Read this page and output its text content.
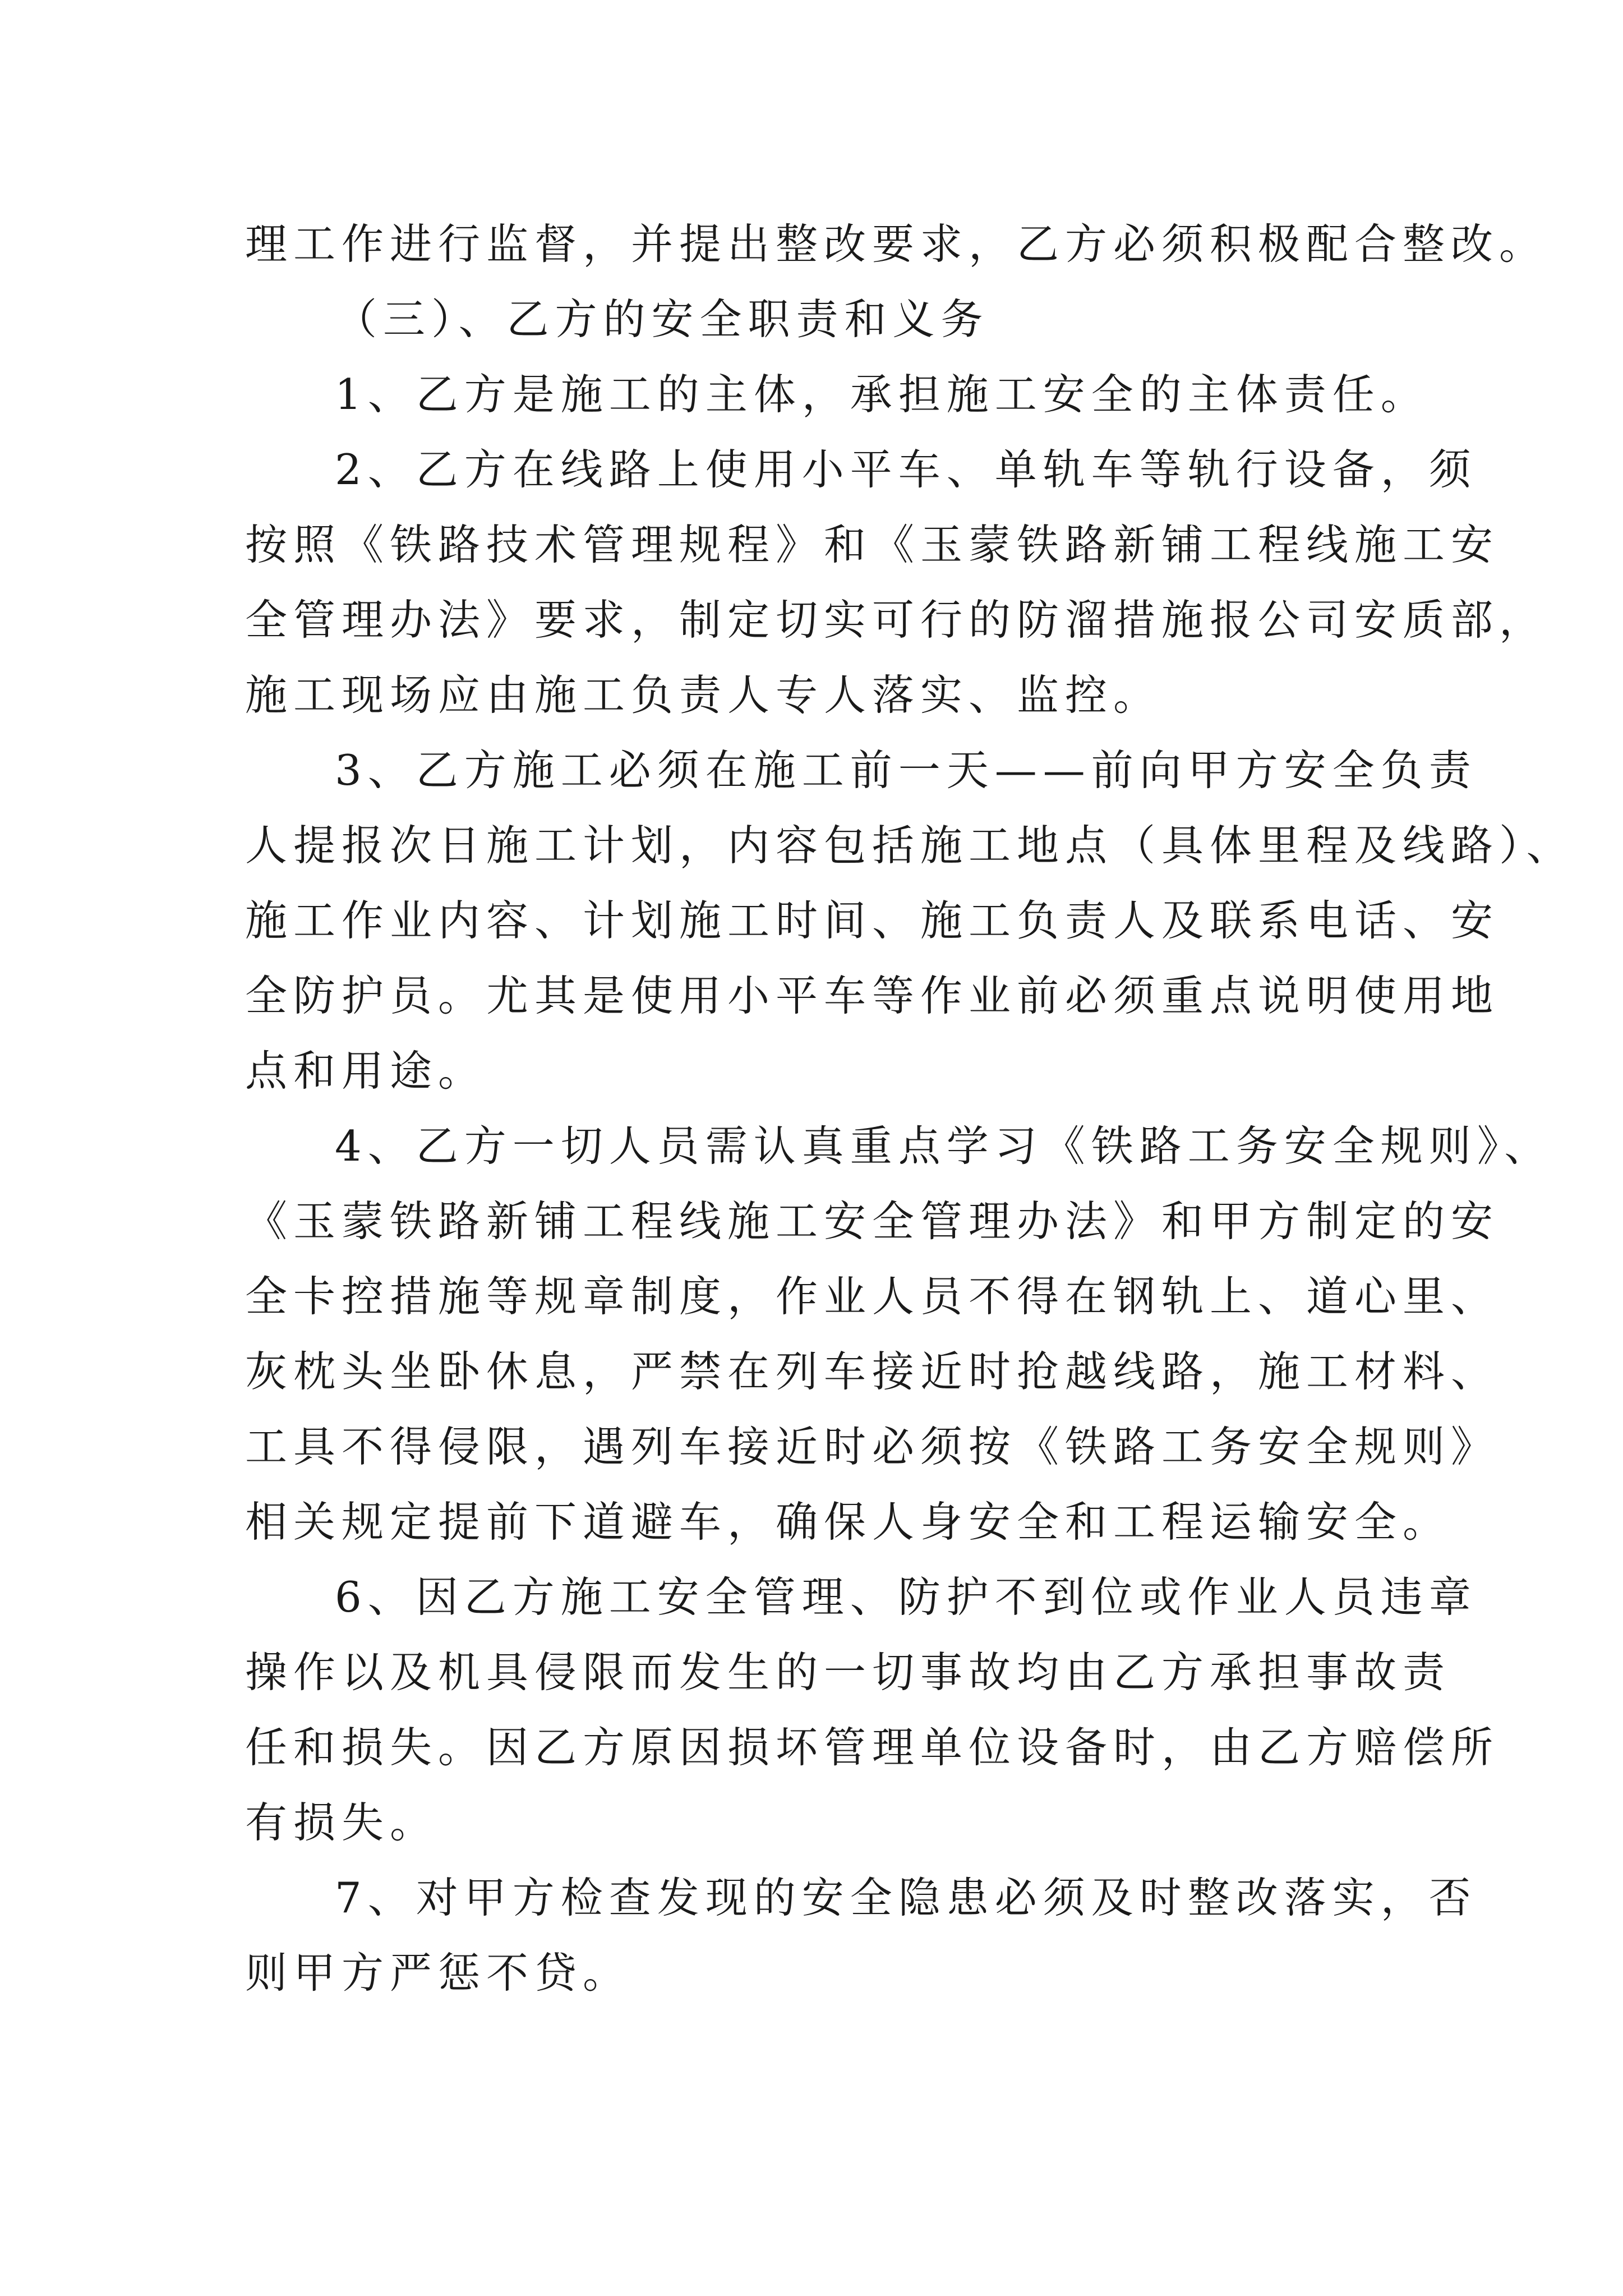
理工作进行监督，并提出整改要求，乙方必须积极配合整改。
（三）、乙方的安全职责和义务
1、乙方是施工的主体，承担施工安全的主体责任。
2、乙方在线路上使用小平车、单轨车等轨行设备，须
按照《铁路技术管理规程》和《玉蒙铁路新铺工程线施工安
全管理办法》要求，制定切实可行的防溜措施报公司安质部，
施工现场应由施工负责人专人落实、监控。
3、乙方施工必须在施工前一天——前向甲方安全负责
人提报次日施工计划，内容包括施工地点（具体里程及线路）、
施工作业内容、计划施工时间、施工负责人及联系电话、安
全防护员。尤其是使用小平车等作业前必须重点说明使用地
点和用途。
4、乙方一切人员需认真重点学习《铁路工务安全规则》、
《玉蒙铁路新铺工程线施工安全管理办法》和甲方制定的安
全卡控措施等规章制度，作业人员不得在钢轨上、道心里、
灰枕头坐卧休息，严禁在列车接近时抢越线路，施工材料、
工具不得侵限，遇列车接近时必须按《铁路工务安全规则》
相关规定提前下道避车，确保人身安全和工程运输安全。
6、因乙方施工安全管理、防护不到位或作业人员违章
操作以及机具侵限而发生的一切事故均由乙方承担事故责
任和损失。因乙方原因损坏管理单位设备时，由乙方赔偿所
有损失。
7、对甲方检查发现的安全隐患必须及时整改落实，否
则甲方严惩不贷。
